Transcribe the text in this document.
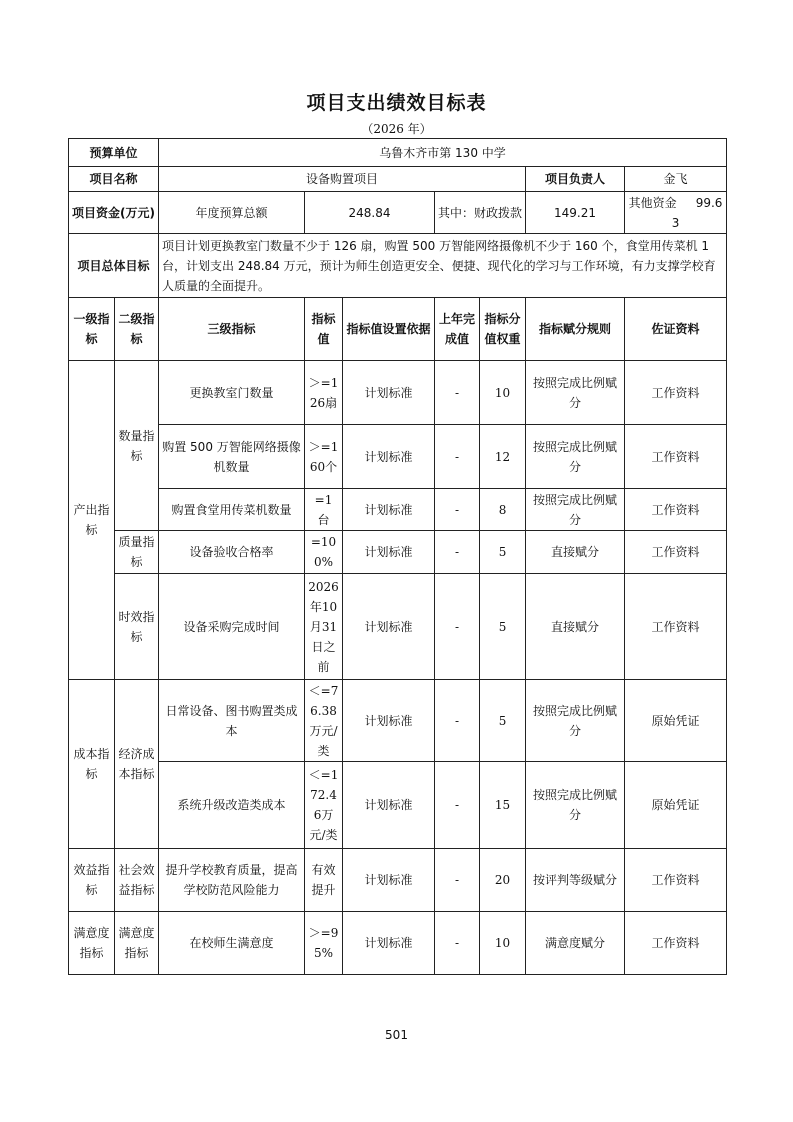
项目支出绩效目标表
（2026 年）
预算单位		乌鲁木齐市第 130 中学						
项目名称		设备购置项目					项目负责人	金飞
项目资金(万元)		年度预算总额	248.84		其中：财政拨款		149.21	其他资金 99.63
项目总体目标		项目计划更换教室门数量不少于 126 扇，购置 500 万智能网络摄像机不少于 160 个，食堂用传菜机 1 台，计划支出 248.84 万元，预计为师生创造更安全、便捷、现代化的学习与工作环境，有力支撑学校育人质量的全面提升。						
一级指标	二级指标	三级指标	指标值	指标值设置依据	上年完成值	指标分值权重	指标赋分规则	佐证资料
产出指标	数量指标	更换教室门数量	＞=126扇	计划标准	-	10	按照完成比例赋分	工作资料
		购置 500 万智能网络摄像机数量	＞=160个	计划标准	-	12	按照完成比例赋分	工作资料
		购置食堂用传菜机数量	=1 台	计划标准	-	8	按照完成比例赋分	工作资料
	质量指标	设备验收合格率	=100%	计划标准	-	5	直接赋分	工作资料
	时效指标	设备采购完成时间	2026年10月31日之前	计划标准	-	5	直接赋分	工作资料
成本指标	经济成本指标	日常设备、图书购置类成本	＜=76.38万元/类	计划标准	-	5	按照完成比例赋分	原始凭证
		系统升级改造类成本	＜=172.46万元/类	计划标准	-	15	按照完成比例赋分	原始凭证
效益指标	社会效益指标	提升学校教育质量，提高学校防范风险能力	有效提升	计划标准	-	20	按评判等级赋分	工作资料
满意度指标	满意度指标	在校师生满意度	＞=95%	计划标准	-	10	满意度赋分	工作资料
501
